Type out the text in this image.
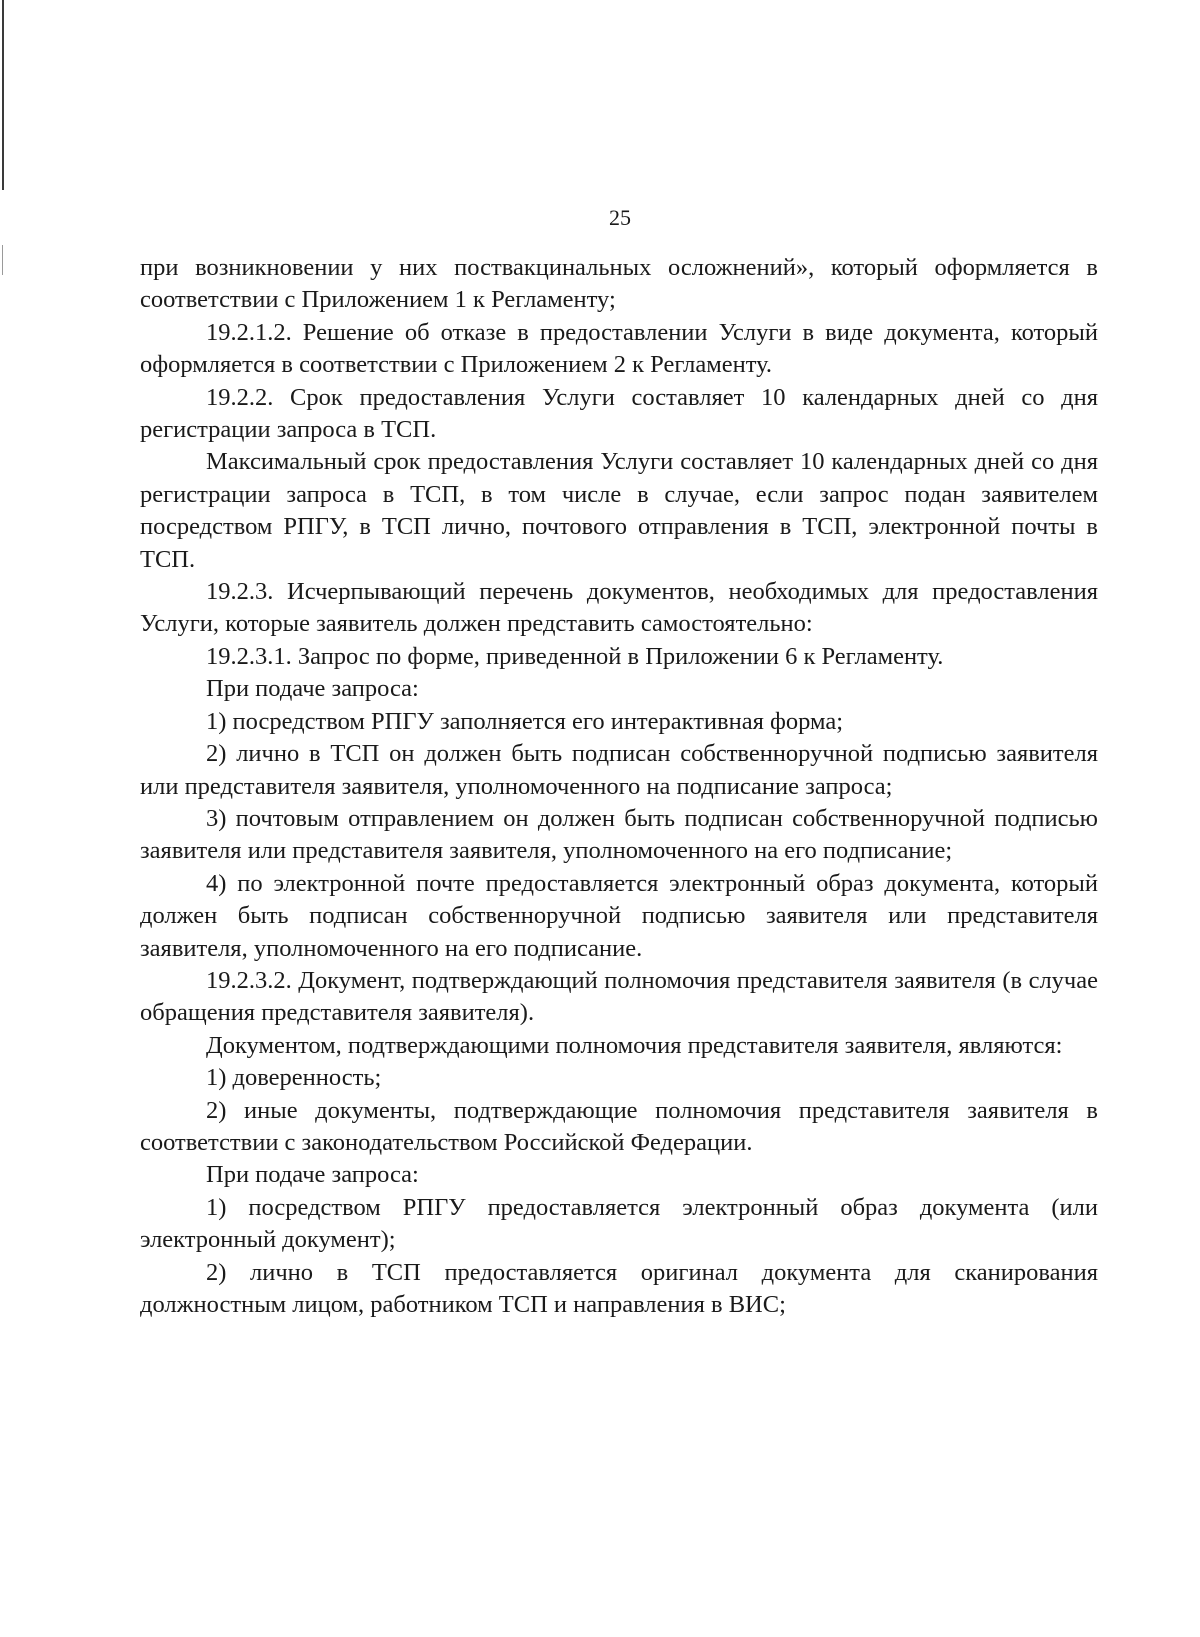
25

при возникновении у них поствакцинальных осложнений», который оформляется в соответствии с Приложением 1 к Регламенту;

19.2.1.2. Решение об отказе в предоставлении Услуги в виде документа, который оформляется в соответствии с Приложением 2 к Регламенту.

19.2.2. Срок предоставления Услуги составляет 10 календарных дней со дня регистрации запроса в ТСП.

Максимальный срок предоставления Услуги составляет 10 календарных дней со дня регистрации запроса в ТСП, в том числе в случае, если запрос подан заявителем посредством РПГУ, в ТСП лично, почтового отправления в ТСП, электронной почты в ТСП.

19.2.3. Исчерпывающий перечень документов, необходимых для предоставления Услуги, которые заявитель должен представить самостоятельно:

19.2.3.1. Запрос по форме, приведенной в Приложении 6 к Регламенту.

При подаче запроса:

1) посредством РПГУ заполняется его интерактивная форма;

2) лично в ТСП он должен быть подписан собственноручной подписью заявителя или представителя заявителя, уполномоченного на подписание запроса;

3) почтовым отправлением он должен быть подписан собственноручной подписью заявителя или представителя заявителя, уполномоченного на его подписание;

4) по электронной почте предоставляется электронный образ документа, который должен быть подписан собственноручной подписью заявителя или представителя заявителя, уполномоченного на его подписание.

19.2.3.2. Документ, подтверждающий полномочия представителя заявителя (в случае обращения представителя заявителя).

Документом, подтверждающими полномочия представителя заявителя, являются:

1) доверенность;

2) иные документы, подтверждающие полномочия представителя заявителя в соответствии с законодательством Российской Федерации.

При подаче запроса:

1) посредством РПГУ предоставляется электронный образ документа (или электронный документ);

2) лично в ТСП предоставляется оригинал документа для сканирования должностным лицом, работником ТСП и направления в ВИС;
